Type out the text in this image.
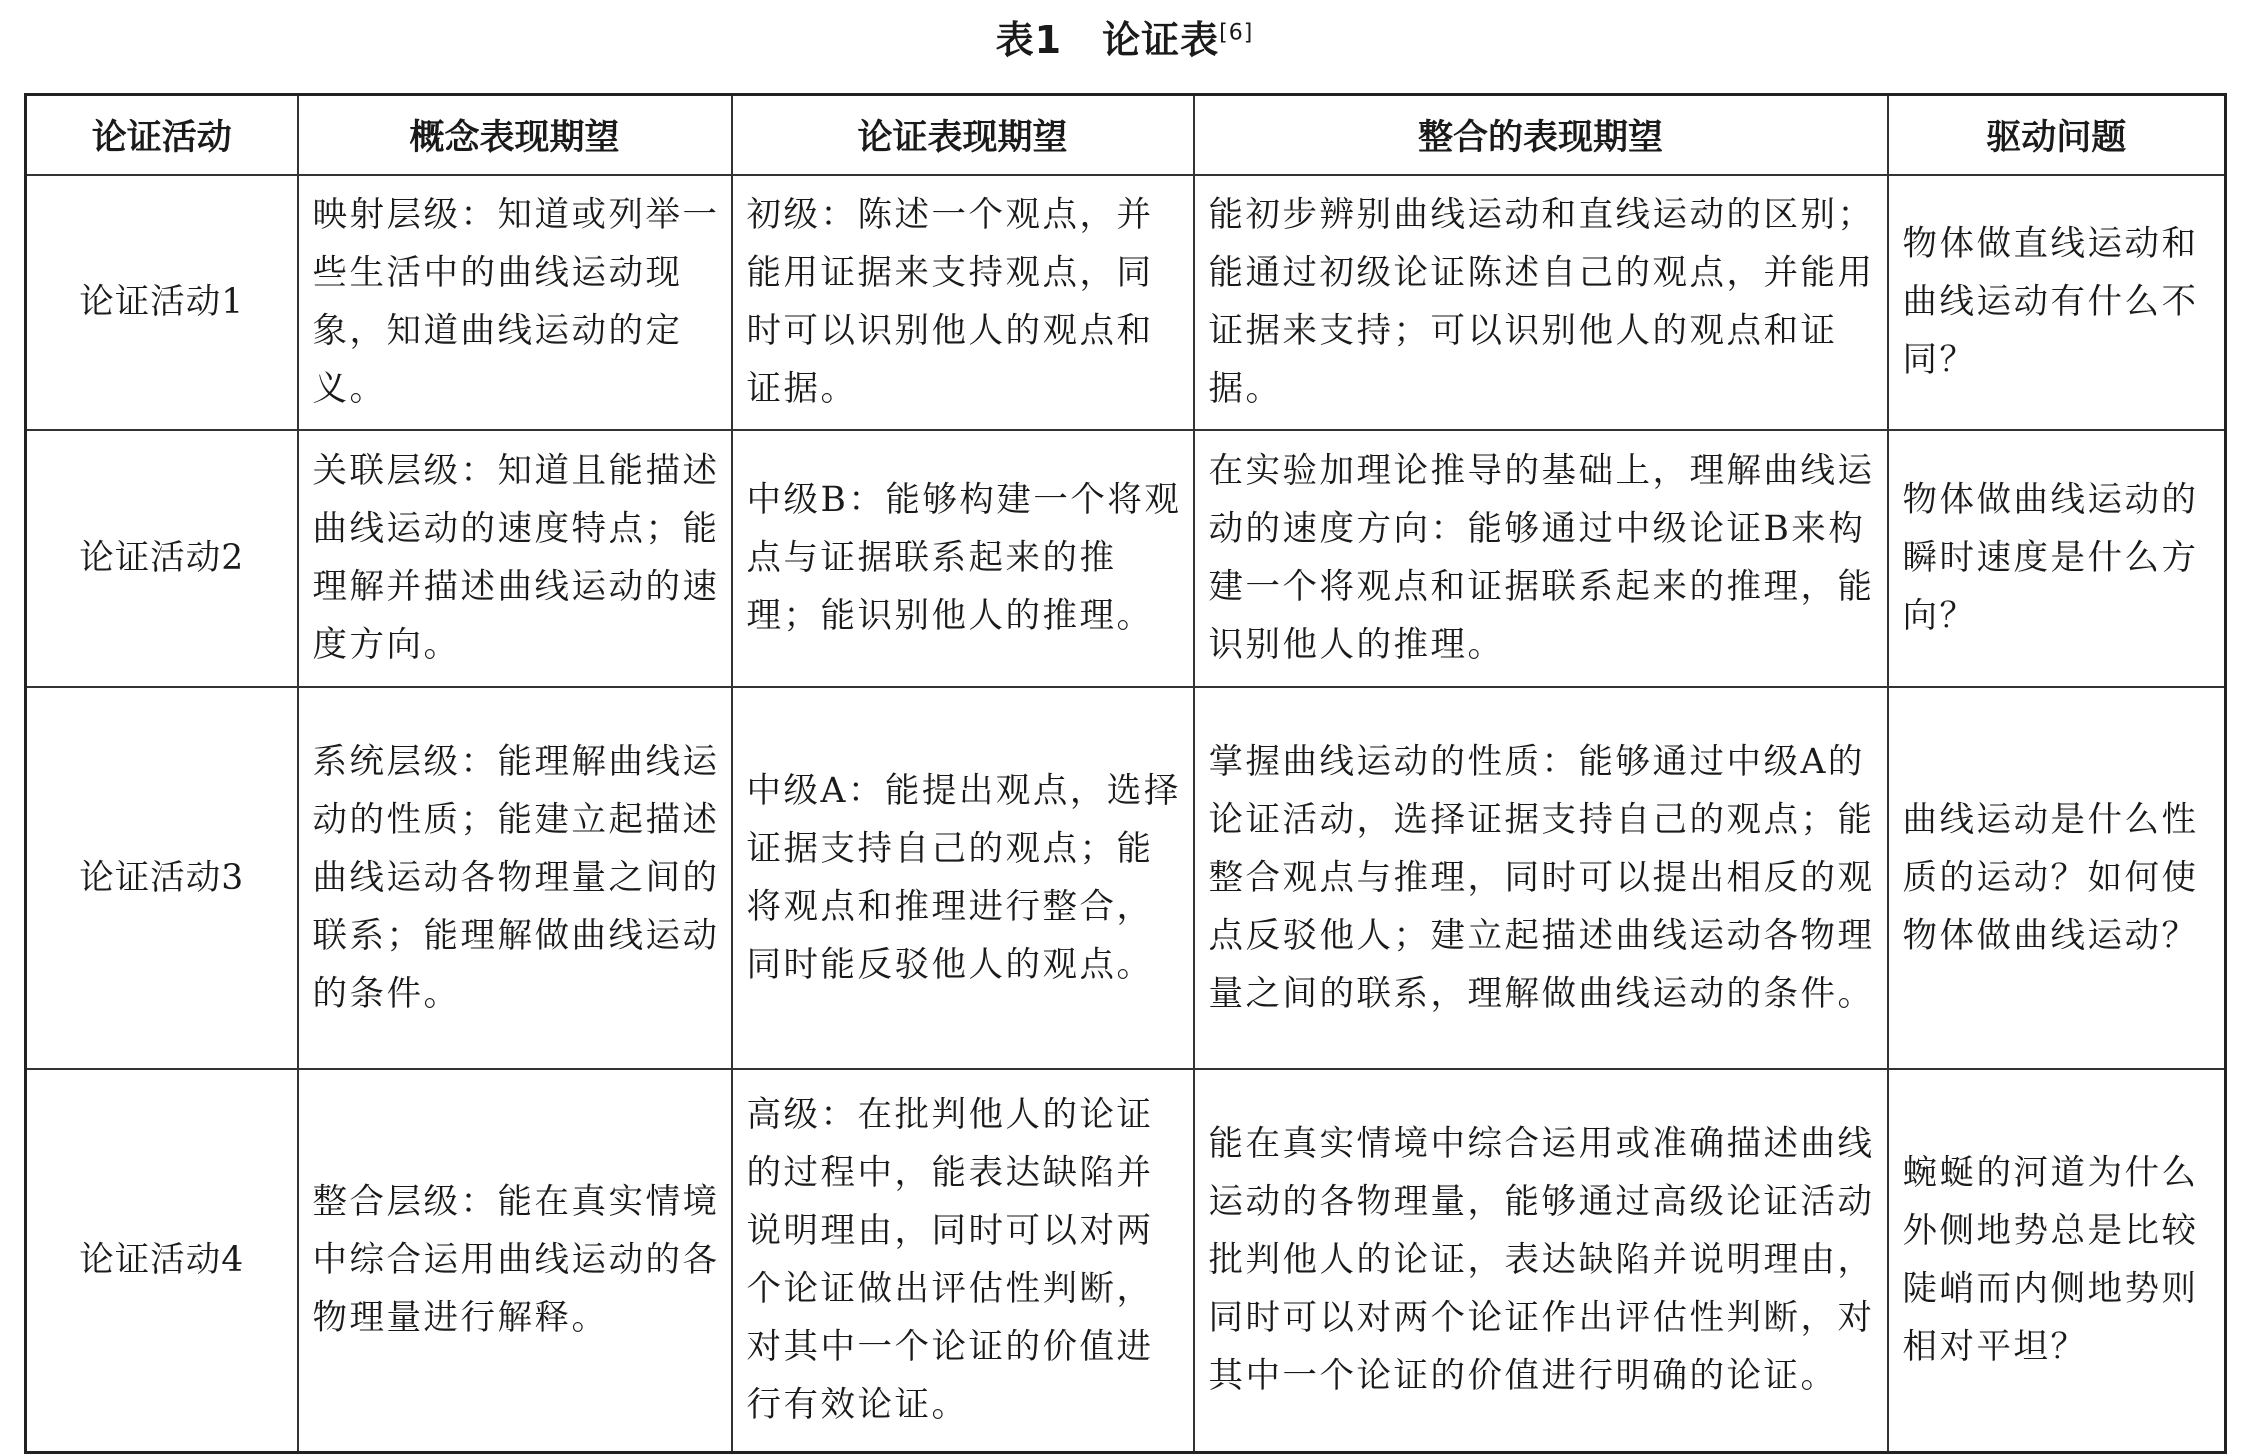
表1 论证表[6]
论证活动	概念表现期望	论证表现期望	整合的表现期望	驱动问题
论证活动1	映射层级：知道或列举一些生活中的曲线运动现象，知道曲线运动的定义。	初级：陈述一个观点，并能用证据来支持观点，同时可以识别他人的观点和证据。	能初步辨别曲线运动和直线运动的区别；能通过初级论证陈述自己的观点，并能用证据来支持；可以识别他人的观点和证据。	物体做直线运动和曲线运动有什么不同？
论证活动2	关联层级：知道且能描述曲线运动的速度特点；能理解并描述曲线运动的速度方向。	中级B：能够构建一个将观点与证据联系起来的推理；能识别他人的推理。	在实验加理论推导的基础上，理解曲线运动的速度方向：能够通过中级论证B来构建一个将观点和证据联系起来的推理，能识别他人的推理。	物体做曲线运动的瞬时速度是什么方向？
论证活动3	系统层级：能理解曲线运动的性质；能建立起描述曲线运动各物理量之间的联系；能理解做曲线运动的条件。	中级A：能提出观点，选择证据支持自己的观点；能将观点和推理进行整合，同时能反驳他人的观点。	掌握曲线运动的性质：能够通过中级A的论证活动，选择证据支持自己的观点；能整合观点与推理，同时可以提出相反的观点反驳他人；建立起描述曲线运动各物理量之间的联系，理解做曲线运动的条件。	曲线运动是什么性质的运动？如何使物体做曲线运动？
论证活动4	整合层级：能在真实情境中综合运用曲线运动的各物理量进行解释。	高级：在批判他人的论证的过程中，能表达缺陷并说明理由，同时可以对两个论证做出评估性判断，对其中一个论证的价值进行有效论证。	能在真实情境中综合运用或准确描述曲线运动的各物理量，能够通过高级论证活动批判他人的论证，表达缺陷并说明理由，同时可以对两个论证作出评估性判断，对其中一个论证的价值进行明确的论证。	蜿蜒的河道为什么外侧地势总是比较陡峭而内侧地势则相对平坦？
